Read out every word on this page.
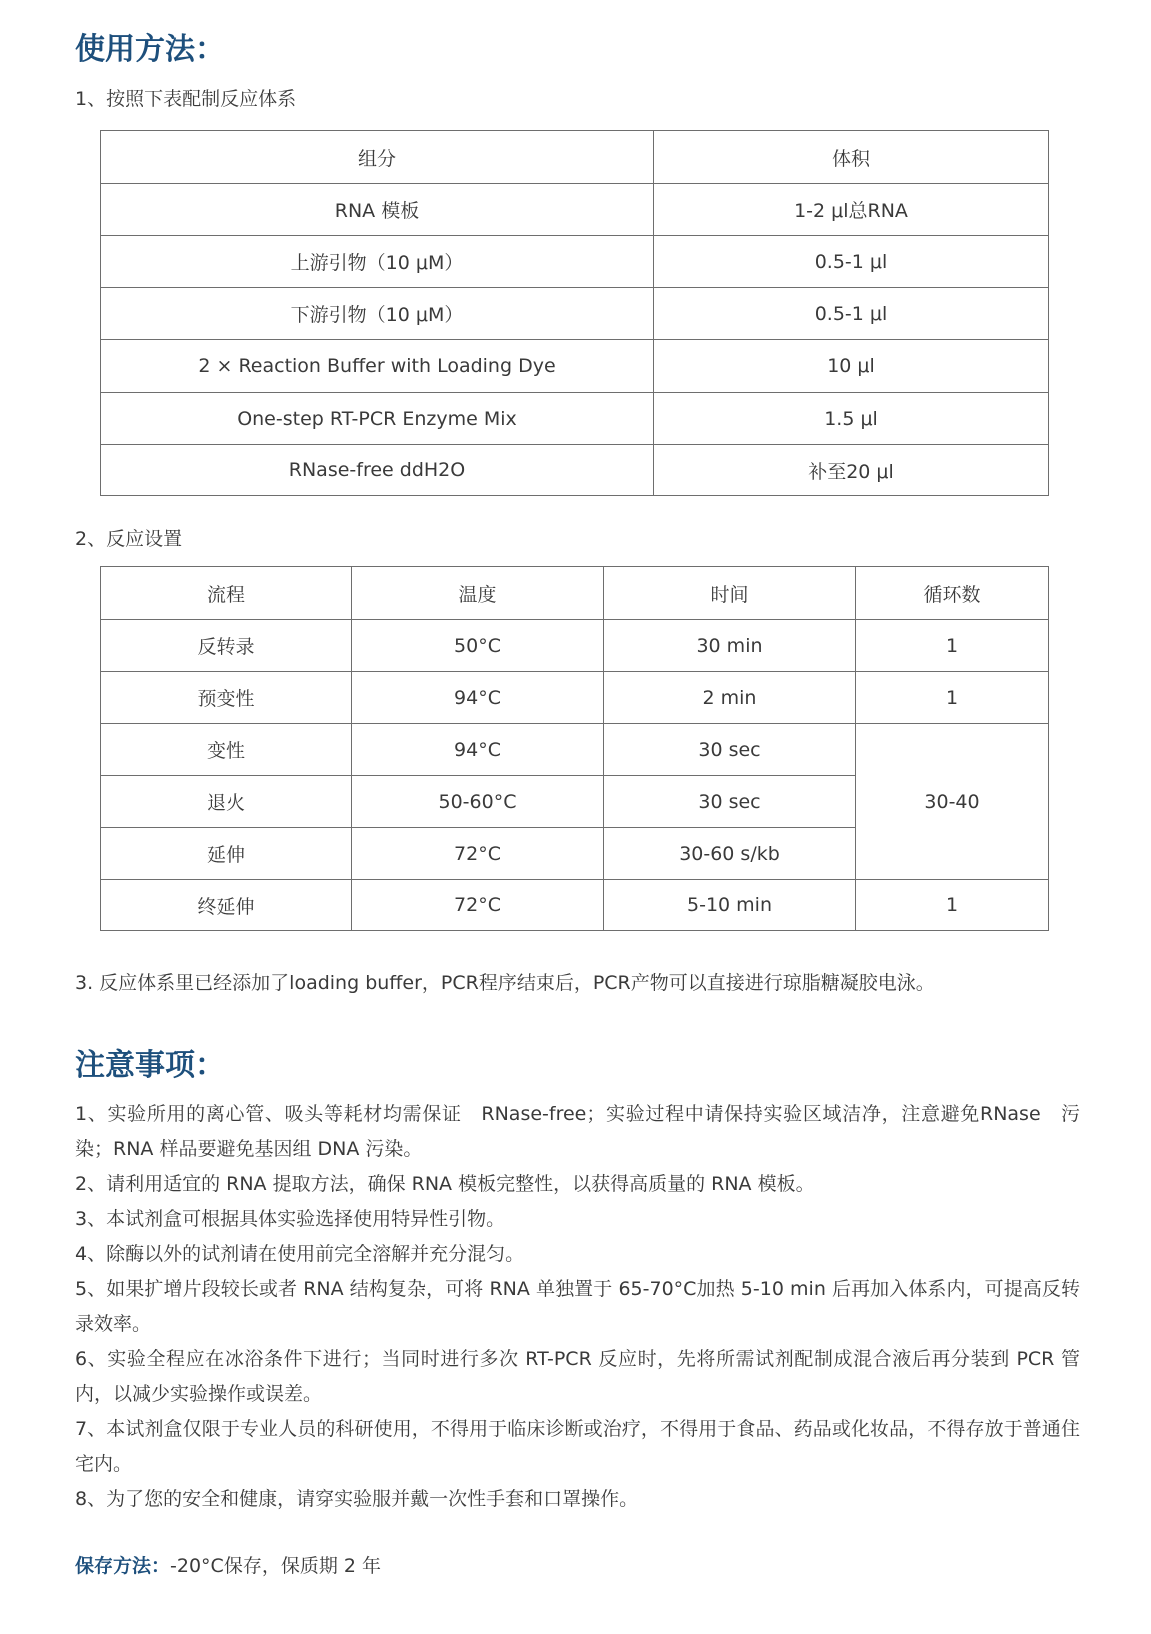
使用方法：

1、按照下表配制反应体系

组分	体积
RNA 模板	1-2 μl总RNA
上游引物（10 μM）	0.5-1 μl
下游引物（10 μM）	0.5-1 μl
2 × Reaction Buffer with Loading Dye	10 μl
One-step RT-PCR Enzyme Mix	1.5 μl
RNase-free ddH2O	补至20 μl

2、反应设置

流程	温度	时间	循环数
反转录	50°C	30 min	1
预变性	94°C	2 min	1
变性	94°C	30 sec	30-40
退火	50-60°C	30 sec	
延伸	72°C	30-60 s/kb	
终延伸	72°C	5-10 min	1

3. 反应体系里已经添加了loading buffer，PCR程序结束后，PCR产物可以直接进行琼脂糖凝胶电泳。

注意事项：

1、实验所用的离心管、吸头等耗材均需保证　RNase-free；实验过程中请保持实验区域洁净，注意避免RNase　污染；RNA 样品要避免基因组 DNA 污染。

2、请利用适宜的 RNA 提取方法，确保 RNA 模板完整性，以获得高质量的 RNA 模板。

3、本试剂盒可根据具体实验选择使用特异性引物。

4、除酶以外的试剂请在使用前完全溶解并充分混匀。

5、如果扩增片段较长或者 RNA 结构复杂，可将 RNA 单独置于 65-70°C加热 5-10 min 后再加入体系内，可提高反转录效率。

6、实验全程应在冰浴条件下进行；当同时进行多次 RT-PCR 反应时，先将所需试剂配制成混合液后再分装到 PCR 管内，以减少实验操作或误差。

7、本试剂盒仅限于专业人员的科研使用，不得用于临床诊断或治疗，不得用于食品、药品或化妆品，不得存放于普通住宅内。

8、为了您的安全和健康，请穿实验服并戴一次性手套和口罩操作。

保存方法：-20°C保存，保质期 2 年
